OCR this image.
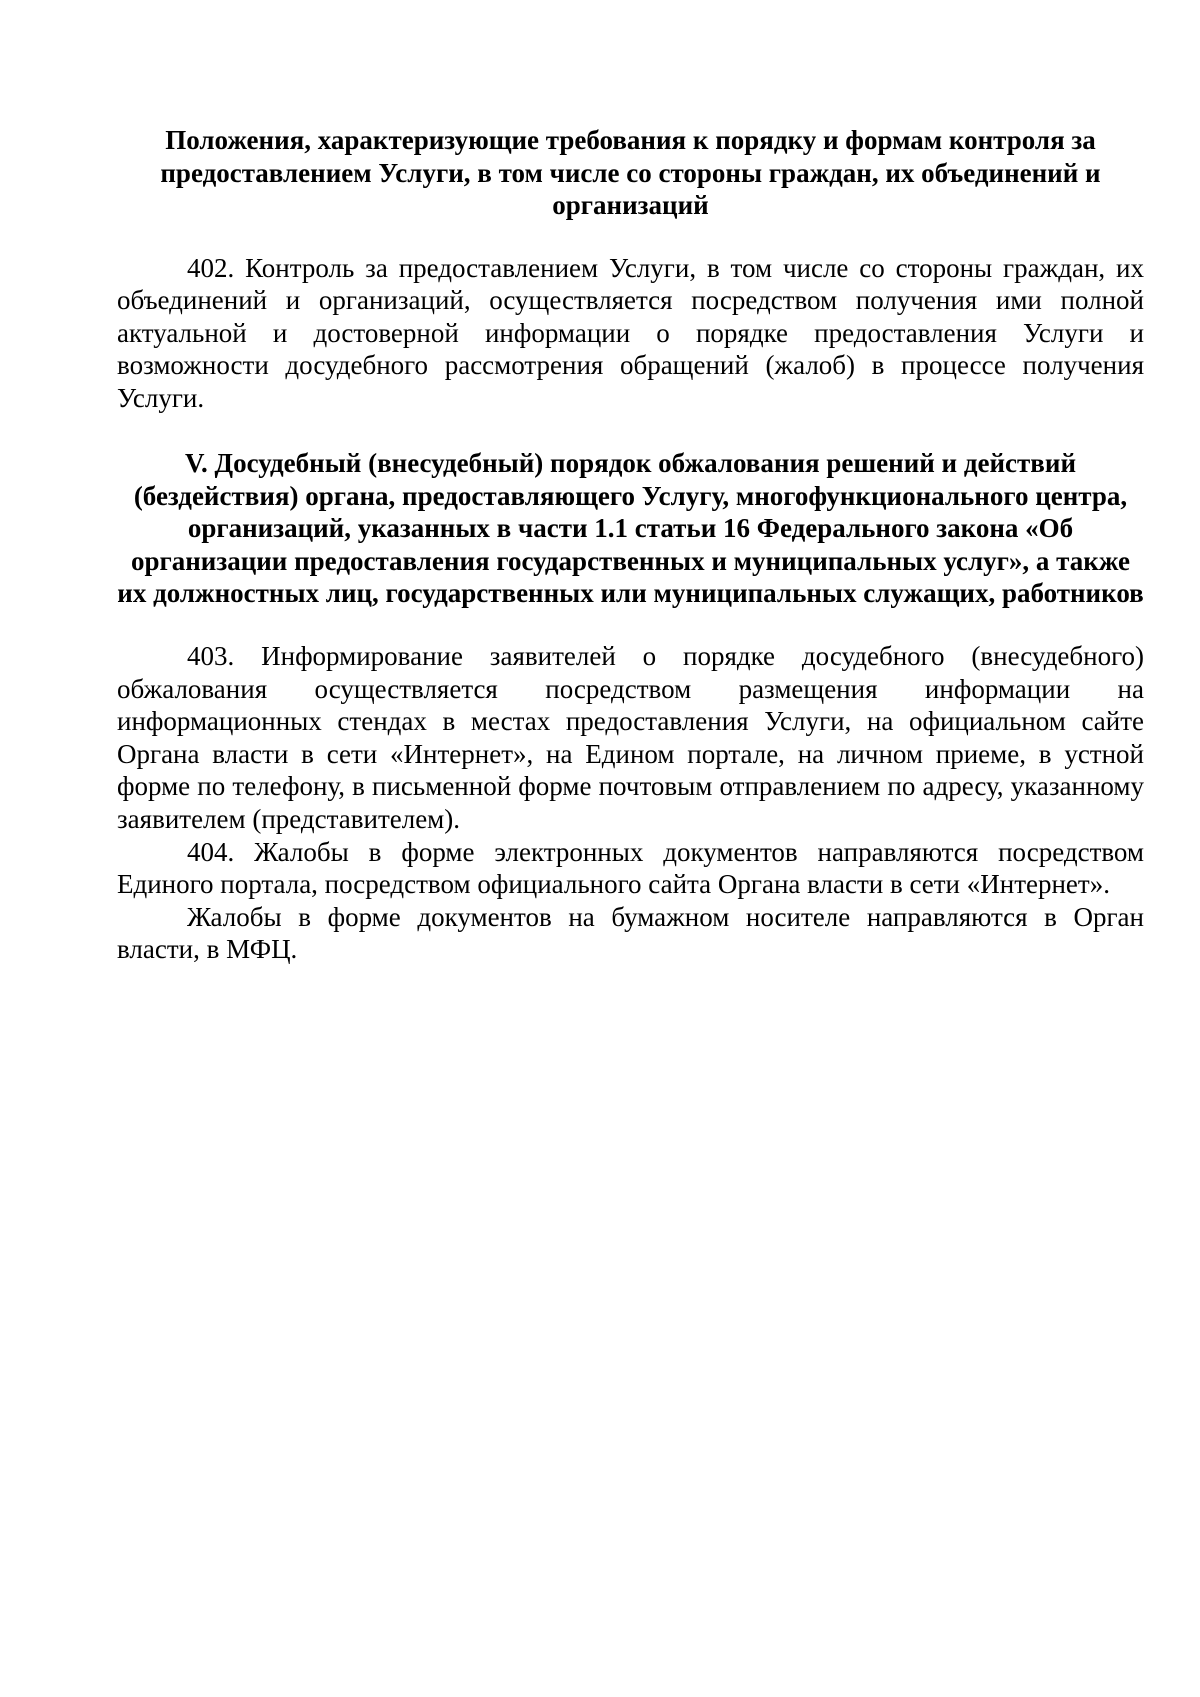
Положения, характеризующие требования к порядку и формам контроля за предоставлением Услуги, в том числе со стороны граждан, их объединений и организаций

402. Контроль за предоставлением Услуги, в том числе со стороны граждан, их объединений и организаций, осуществляется посредством получения ими полной актуальной и достоверной информации о порядке предоставления Услуги и возможности досудебного рассмотрения обращений (жалоб) в процессе получения Услуги.

V. Досудебный (внесудебный) порядок обжалования решений и действий (бездействия) органа, предоставляющего Услугу, многофункционального центра, организаций, указанных в части 1.1 статьи 16 Федерального закона «Об организации предоставления государственных и муниципальных услуг», а также их должностных лиц, государственных или муниципальных служащих, работников

403. Информирование заявителей о порядке досудебного (внесудебного) обжалования осуществляется посредством размещения информации на информационных стендах в местах предоставления Услуги, на официальном сайте Органа власти в сети «Интернет», на Едином портале, на личном приеме, в устной форме по телефону, в письменной форме почтовым отправлением по адресу, указанному заявителем (представителем).

404. Жалобы в форме электронных документов направляются посредством Единого портала, посредством официального сайта Органа власти в сети «Интернет».

Жалобы в форме документов на бумажном носителе направляются в Орган власти, в МФЦ.
